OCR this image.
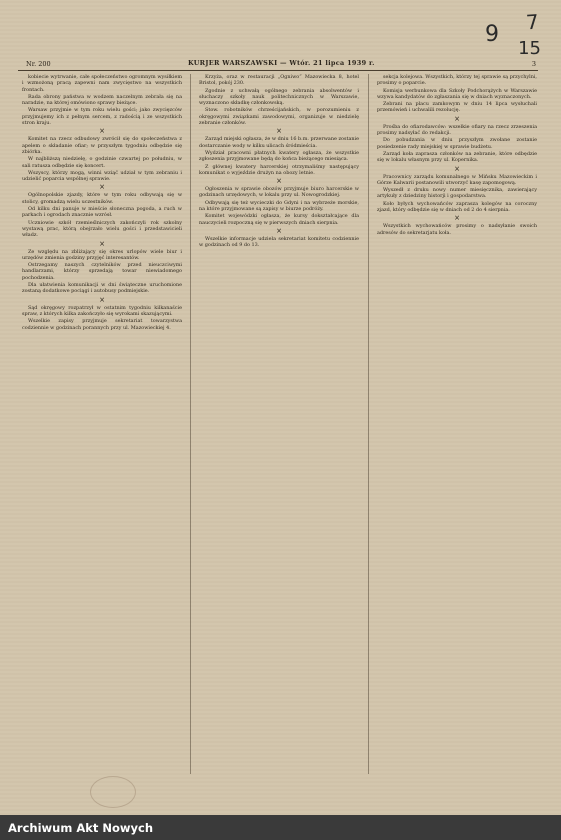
7
9
15
Nr. 200	KURJER WARSZAWSKI — Wtór. 21 lipca 1939 r.	3

kobiecie wytrwanie, całe społeczeństwo ogromnym wysiłkiem i wzmożoną pracą zapewni nam zwycięstwo na wszystkich frontach.

Rada obrony państwa w wodzem naczelnym zebrała się na naradzie, na której omówiono sprawy bieżące.

Warsaw przyjmie w tym roku wielu gości; jako zwycięzców przyjmujemy ich z pełnym sercem, z radością i ze wszystkich stron kraju.

×

Komitet na rzecz odbudowy zwrócił się do społeczeństwa z apelem o składanie ofiar; w przyszłym tygodniu odbędzie się zbiórka.

W najbliższą niedzielę, o godzinie czwartej po południu, w sali ratusza odbędzie się koncert.

Wszyscy, którzy mogą, winni wziąć udział w tym zebraniu i udzielić poparcia wspólnej sprawie.

×

Ogólnopolskie zjazdy, które w tym roku odbywają się w stolicy, gromadzą wielu uczestników.

Od kilku dni panuje w mieście słoneczna pogoda, a ruch w parkach i ogrodach znacznie wzrósł.

Uczniowie szkół rzemieślniczych zakończyli rok szkolny wystawą prac, którą obejrzało wielu gości i przedstawicieli władz.

×

Ze względu na zbliżający się okres urlopów wiele biur i urzędów zmienia godziny przyjęć interesantów.

Ostrzegamy naszych czytelników przed nieuczciwymi handlarzami, którzy sprzedają towar niewiadomego pochodzenia.

Dla ułatwienia komunikacji w dni świąteczne uruchomione zostaną dodatkowe pociągi i autobusy podmiejskie.

×

Sąd okręgowy rozpatrzył w ostatnim tygodniu kilkanaście spraw, z których kilka zakończyło się wyrokami skazującymi.

Wszelkie zapisy przyjmuje sekretariat towarzystwa codziennie w godzinach porannych przy ul. Mazowieckiej 4.

Krzyża, oraz w restauracji „Ogniwo” Mazowiecka 8, hotel Bristol, pokój 230.

Zgodnie z uchwałą ogólnego zebrania absolwentów i słuchaczy szkoły nauk politechnicznych w Warszawie, wyznaczono składkę członkowską.

Stow. robotników chrześcijańskich, w porozumieniu z okręgowymi związkami zawodowymi, organizuje w niedzielę zebranie członków.

×

Zarząd miejski ogłasza, że w dniu 16 b.m. przerwane zostanie dostarczanie wody w kilku ulicach śródmieścia.

Wydział pracowni płatnych kwatery ogłasza, że wszystkie zgłoszenia przyjmowane będą do końca bieżącego miesiąca.

Z głównej kwatery harcerskiej otrzymaliśmy następujący komunikat o wyjeździe drużyn na obozy letnie.

×

Ogłoszenia w sprawie obozów przyjmuje biuro harcerskie w godzinach urzędowych, w lokalu przy ul. Nowogrodzkiej.

Odbywają się też wycieczki do Gdyni i na wybrzeże morskie, na które przyjmowane są zapisy w biurze podróży.

Komitet wojewódzki ogłasza, że kursy dokształcające dla nauczycieli rozpoczną się w pierwszych dniach sierpnia.

×

Wszelkie informacje udziela sekretariat komitetu codziennie w godzinach od 9 do 13.

sekcja kolejowa. Wszystkich, którzy tej sprawie są przychylni, prosimy o poparcie.

Komisja werbunkowa dla Szkoły Podchorążych w Warszawie wzywa kandydatów do zgłaszania się w dniach wyznaczonych.

Zebrani na placu zamkowym w dniu 14 lipca wysłuchali przemówień i uchwalili rezolucję.

×

Prośba do ofiarodawców: wszelkie ofiary na rzecz zrzeszenia prosimy nadsyłać do redakcji.

Do pobudzania w dniu przyszłym zwołane zostanie posiedzenie rady miejskiej w sprawie budżetu.

Zarząd koła zaprasza członków na zebranie, które odbędzie się w lokalu własnym przy ul. Kopernika.

×

Pracownicy zarządu komunalnego w Mińsku Mazowieckim i Górze Kalwarii postanowili utworzyć kasę zapomogową.

Wyszedł z druku nowy numer miesięcznika, zawierający artykuły z dziedziny historji i gospodarstwa.

Koło byłych wychowańców zaprasza kolegów na coroczny zjazd, który odbędzie się w dniach od 2 do 4 sierpnia.

×

Wszystkich wychowańców prosimy o nadsyłanie swoich adresów do sekretarjatu koła.

Archiwum Akt Nowych
